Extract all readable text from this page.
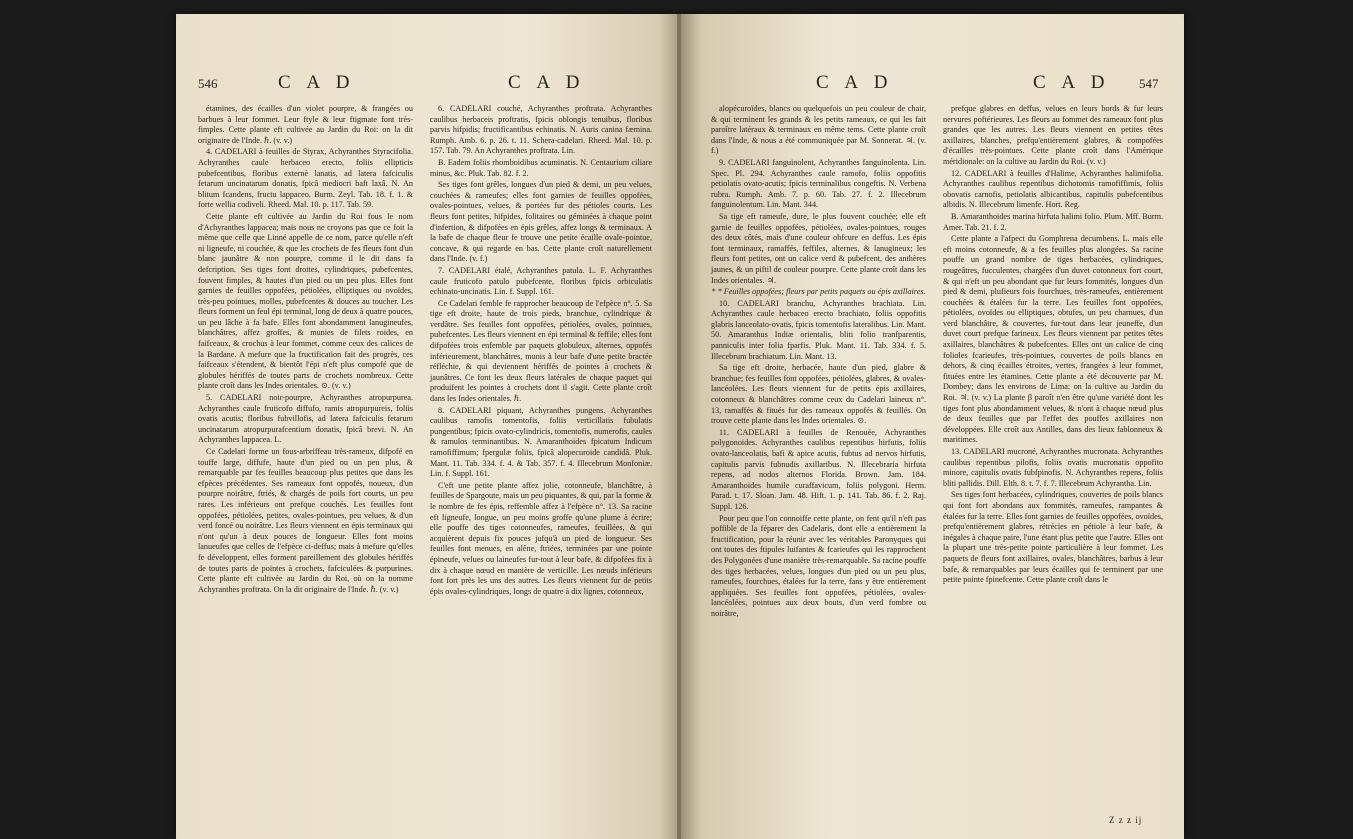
546	C A D	C A D

étamines, des écailles d'un violet pourpre, & frangées ou barbues à leur fommet. Leur ftyle & leur ftigmate font très-fimples. Cette plante eft cultivée au Jardin du Roi: on la dit originaire de l'Inde. ℏ. (v. v.)

4. CADELARI à feuilles de Styrax, Achyranthes Styracifolia. Achyranthes caule herbaceo erecto, foliis ellipticis pubefcentibus, floribus externè lanatis, ad latera fafciculis fetarum uncinatarum donatis, fpicâ mediocri baft laxâ. N. An blitum fcandens, fructu lappaceo. Burm. Zeyl. Tab. 18. f. 1. & forte wellia codiveli. Rheed. Mal. 10. p. 117. Tab. 59.

Cette plante eft cultivée au Jardin du Roi fous le nom d'Achyranthes lappacea; mais nous ne croyons pas que ce foit la même que celle que Linné appelle de ce nom, parce qu'elle n'eft ni ligneufe, ni couchée, & que les crochets de fes fleurs font d'un blanc jaunâtre & non pourpre, comme il le dit dans fa defcription. Ses tiges font droites, cylindriques, pubefcentes, fouvent fimples, & hautes d'un pied ou un peu plus. Elles font garnies de feuilles oppofées, pétiolées, elliptiques ou ovoïdes, très-peu pointues, molles, pubefcentes & douces au toucher. Les fleurs forment un feul épi terminal, long de deux à quatre pouces, un peu lâche à fa bafe. Elles font abondamment lanugineufes, blanchâtres, affez groffes, & munies de filets roides, en faifceaux, & crochus à leur fommet, comme ceux des calices de la Bardane. A mefure que la fructification fait des progrès, ces faifceaux s'étendent, & bientôt l'épi n'eft plus compofé que de globules hériffés de toutes parts de crochets nombreux. Cette plante croît dans les Indes orientales. ⊙. (v. v.)

5. CADELARI noir-pourpre, Achyranthes atropurpurea. Achyranthes caule fruticofo diffufo, ramis atropurpureis, foliis ovatis acutis; floribus fubvillofis, ad latera fafciculis fetarum uncinatarum atropurpurafcentium donatis, fpicâ brevi. N. An Achyranthes lappacea. L.

Ce Cadelari forme un fous-arbriffeau très-rameux, difpofé en touffe large, diffufe, haute d'un pied ou un peu plus, & remarquable par fes feuilles beaucoup plus petites que dans les efpèces précédentes. Ses rameaux font oppofés, noueux, d'un pourpre noirâtre, ftriés, & chargés de poils fort courts, un peu rares. Les inférieurs ont prefque couchés. Les feuilles font oppofées, pétiolées, petites, ovales-pointues, peu velues, & d'un verd foncé ou noirâtre. Les fleurs viennent en épis terminaux qui n'ont qu'un à deux pouces de longueur. Elles font moins lanueufes que celles de l'efpèce ci-deffus; mais à mefure qu'elles fe développent, elles forment pareillement des globules hériffés de toutes parts de pointes à crochets, fafciculées & purpurines. Cette plante eft cultivée au Jardin du Roi, où on la nomme Achyranthes proftrata. On la dit originaire de l'Inde. ℏ. (v. v.)

6. CADELARI couché, Achyranthes proftrata. Achyranthes caulibus herbaceis proftratis, fpicis oblongis tenuibus, floribus parvis hifpidis; fructificantibus echinatis. N. Auris canina fæmina. Rumph. Amb. 6. p. 26. t. 11. Schera-cadelari. Rheed. Mal. 10. p. 157. Tab. 79. An Achyranthes proftrata. Lin.

B. Eadem foliis rhomboidibus acuminatis. N. Centaurium ciliare minus, &c. Pluk. Tab. 82. f. 2.

Ses tiges font grêles, longues d'un pied & demi, un peu velues, couchées & rameufes; elles font garnies de feuilles oppofées, ovales-pointues, velues, & portées fur des pétioles courts. Les fleurs font petites, hifpides, folitaires ou géminées à chaque point d'infertion, & difpofées en épis grêles, affez longs & terminaux. A la bafe de chaque fleur fe trouve une petite écaille ovale-pointue, concave, & qui regarde en bas. Cette plante croît naturellement dans l'Inde. (v. f.)

7. CADELARI étalé, Achyranthes patula. L. F. Achyranthes caule fruticofo patulo pubefcente, floribus fpicis orbiculatis echinato-uncinatis. Lin. f. Suppl. 161.

Ce Cadelari femble fe rapprocher beaucoup de l'efpèce n°. 5. Sa tige eft droite, haute de trois pieds, branchue, cylindrique & verdâtre. Ses feuilles font oppofées, pétiolées, ovales, pointues, pubefcentes. Les fleurs viennent en épi terminal & feffile; elles font difpofées trois enfemble par paquets globuleux, alternes, oppofés inférieurement, blanchâtres, munis à leur bafe d'une petite bractée réfléchie, & qui deviennent hériffés de pointes à crochets & jaunâtres. Ce font les deux fleurs latérales de chaque paquet qui produifent les pointes à crochets dont il s'agit. Cette plante croît dans les Indes orientales. ℏ.

8. CADELARI piquant, Achyranthes pungens. Achyranthes caulibus ramofis tomentofis, foliis verticillatis fubulatis pungentibus; fpicis ovato-cylindricis, tomentofis, numerofis, caules & ramulos terminantibus. N. Amaranthoides fpicatum Indicum ramofiffimum; fpergulæ foliis, fpicâ alopecuroide candidâ. Pluk. Mant. 11. Tab. 334. f. 4. & Tab. 357. f. 4. Illecebrum Monfoniæ. Lin. f. Suppl. 161.

C'eft une petite plante affez jolie, cotonneufe, blanchâtre, à feuilles de Spargoute, mais un peu piquantes, & qui, par la forme & le nombre de fes épis, reffemble affez à l'efpèce n°. 13. Sa racine eft ligneufe, longue, un peu moins groffe qu'une plume à écrire; elle pouffe des tiges cotonneufes, rameufes, feuillées, & qui acquièrent depuis fix pouces jufqu'à un pied de longueur. Ses feuilles font menues, en alêne, ftriées, terminées par une pointe épineufe, velues ou laineufes fur-tout à leur bafe, & difpofées fix à dix à chaque nœud en manière de verticille. Les nœuds inférieurs font fort près les uns des autres. Les fleurs viennent fur de petits épis ovales-cylindriques, longs de quatre à dix lignes, cotonneux,

C A D	C A D 547

alopécuroïdes, blancs ou quelquefois un peu couleur de chair, & qui terminent les grands & les petits rameaux, ce qui les fait paroître latéraux & terminaux en même tems. Cette plante croît dans l'Inde, & nous a été communiquée par M. Sonnerat. ♃. (v. f.)

9. CADELARI fanguinolent, Achyranthes fanguinolenta. Lin. Spec. Pl. 294. Achyranthes caule ramofo, foliis oppofitis petiolatis ovato-acutis; fpicis terminalibus congeftis. N. Verbena rubra. Rumph. Amb. 7. p. 60. Tab. 27. f. 2. Illecebrum fanguinolentum. Lin. Mant. 344.

Sa tige eft rameufe, dure, le plus fouvent couchée; elle eft garnie de feuilles oppofées, pétiolées, ovales-pointues, rouges des deux côtés, mais d'une couleur obfcure en deffus. Les épis font terminaux, ramaffés, feffiles, alternes, & lanugineux; les fleurs font petites, ont un calice verd & pubefcent, des anthères jaunes, & un piftil de couleur pourpre. Cette plante croît dans les Indes orientales. ♃.

* * Feuilles oppofées; fleurs par petits paquets ou épis axillaires.

10. CADELARI branchu, Achyranthes brachiata. Lin. Achyranthes caule herbaceo erecto brachiato, foliis oppofitis glabris lanceolato-ovatis, fpicis tomentofis lateralibus. Lin. Mant. 50. Amaranthus Indiæ orientalis, bliti folio tranfparentis, panniculis inter folia fparfis. Pluk. Mant. 11. Tab. 334. f. 5. Illecebrum brachiatum. Lin. Mant. 13.

Sa tige eft droite, herbacée, haute d'un pied, glabre & branchue; fes feuilles font oppofées, pétiolées, glabres, & ovales-lancéolées. Les fleurs viennent fur de petits épis axillaires, cotonneux & blanchâtres comme ceux du Cadelari laineux n°. 13, ramaffés & fitués fur des rameaux oppofés & feuillés. On trouve cette plante dans les Indes orientales. ⊙.

11. CADELARI à feuilles de Renouée, Achyranthes polygonoides. Achyranthes caulibus repentibus hirfutis, foliis ovato-lanceolatis, bafi & apice acutis, fubtus ad nervos hirfutis, capitulis parvis fubnudis axillaribus. N. Illecebraria hirfuta repens, ad nodos alternos Florida. Brown. Jam. 184. Amaranthoides humile curaffavicum, foliis polygoni. Herm. Parad. t. 17. Sloan. Jam. 48. Hift. 1. p. 141. Tab. 86. f. 2. Raj. Suppl. 126.

Pour peu que l'on connoiffe cette plante, on fent qu'il n'eft pas poffible de la féparer des Cadelaris, dont elle a entièrement la fructification, pour la réunir avec les véritables Paronyques qui ont toutes des ftipules luifantes & fcarieufes qui les rapprochent des Polygonées d'une manière très-remarquable. Sa racine pouffe des tiges herbacées, velues, longues d'un pied ou un peu plus, rameufes, fourchues, étalées fur la terre, fans y être entièrement appliquées. Ses feuilles font oppofées, pétiolées, ovales-lancéolées, pointues aux deux bouts, d'un verd fombre ou noirâtre,

prefque glabres en deffus, velues en leurs bords & fur leurs nervures poftérieures. Les fleurs au fommet des rameaux font plus grandes que les autres. Les fleurs viennent en petites têtes axillaires, blanches, prefqu'entièrement glabres, & compofées d'écailles très-pointues. Cette plante croît dans l'Amérique méridionale: on la cultive au Jardin du Roi. (v. v.)

12. CADELARI à feuilles d'Halime, Achyranthes halimifolia. Achyranthes caulibus repentibus dichotomis ramofiffimis, foliis obovatis carnofis, petiolatis albicantibus, capitulis pubefcentibus albidis. N. Illecebrum limenfe. Hort. Reg.

B. Amaranthoides marina hirfuta halimi folio. Plum. Mff. Burm. Amer. Tab. 21. f. 2.

Cette plante a l'afpect du Gomphrena decumbens. L. mais elle eft moins cotonneufe, & a fes feuilles plus alongées. Sa racine pouffe un grand nombre de tiges herbacées, cylindriques, rougeâtres, fucculentes, chargées d'un duvet cotonneux fort court, & qui n'eft un peu abondant que fur leurs fommités, longues d'un pied & demi, plufieurs fois fourchues, très-rameufes, entièrement couchées & étalées fur la terre. Les feuilles font oppofées, pétiolées, ovoïdes ou elliptiques, obtufes, un peu charnues, d'un verd blanchâtre, & couvertes, fur-tout dans leur jeuneffe, d'un duvet court prefque farineux. Les fleurs viennent par petites têtes axillaires, blanchâtres & pubefcentes. Elles ont un calice de cinq folioles fcarieufes, très-pointues, couvertes de poils blancs en dehors, & cinq écailles étroites, vertes, frangées à leur fommet, fituées entre les étamines. Cette plante a été découverte par M. Dombey; dans les environs de Lima: on la cultive au Jardin du Roi. ♃. (v. v.) La plante β paroît n'en être qu'une variété dont les tiges font plus abondamment velues, & n'ont à chaque nœud plus de deux feuilles que par l'effet des pouffes axillaires non développées. Elle croît aux Antilles, dans des lieux fablonneux & maritimes.

13. CADELARI mucroné, Achyranthes mucronata. Achyranthes caulibus repentibus pilofis, foliis ovatis mucronatis oppofito minore, capitulis ovatis fubfpinofis. N. Achyranthes repens, foliis bliti pallidis. Dill. Elth. 8. t. 7. f. 7. Illecebrum Achyrantha. Lin.

Ses tiges font herbacées, cylindriques, couvertes de poils blancs qui font fort abondans aux fommités, rameufes, rampantes & étalées fur la terre. Elles font garnies de feuilles oppofées, ovoïdes, prefqu'entièrement glabres, rétrécies en pétiole à leur bafe, & inégales à chaque paire, l'une étant plus petite que l'autre. Elles ont la plupart une très-petite pointe particulière à leur fommet. Les paquets de fleurs font axillaires, ovales, blanchâtres, barbus à leur bafe, & remarquables par leurs écailles qui fe terminent par une petite pointe fpinefcente. Cette plante croît dans le

Z z z ij
